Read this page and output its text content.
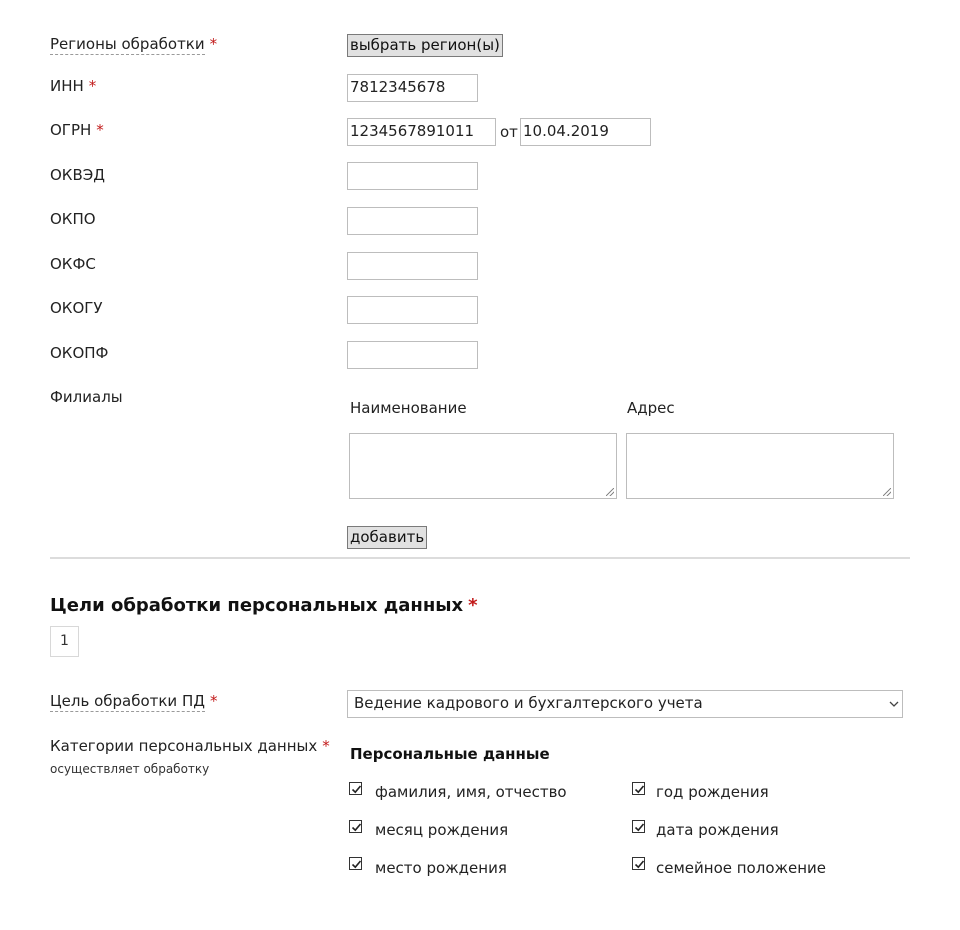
Регионы обработки *	выбрать регион(ы)
ИНН *	7812345678
ОГРН *	1234567891011	от 10.04.2019
ОКВЭД
ОКПО
ОКФС
ОКОГУ
ОКОПФ
Филиалы
Наименование	Адрес
добавить
Цели обработки персональных данных *
1
Цель обработки ПД *	Ведение кадрового и бухгалтерского учета
Категории персональных данных *
осуществляет обработку
Персональные данные
фамилия, имя, отчество	год рождения
месяц рождения	дата рождения
место рождения	семейное положение
